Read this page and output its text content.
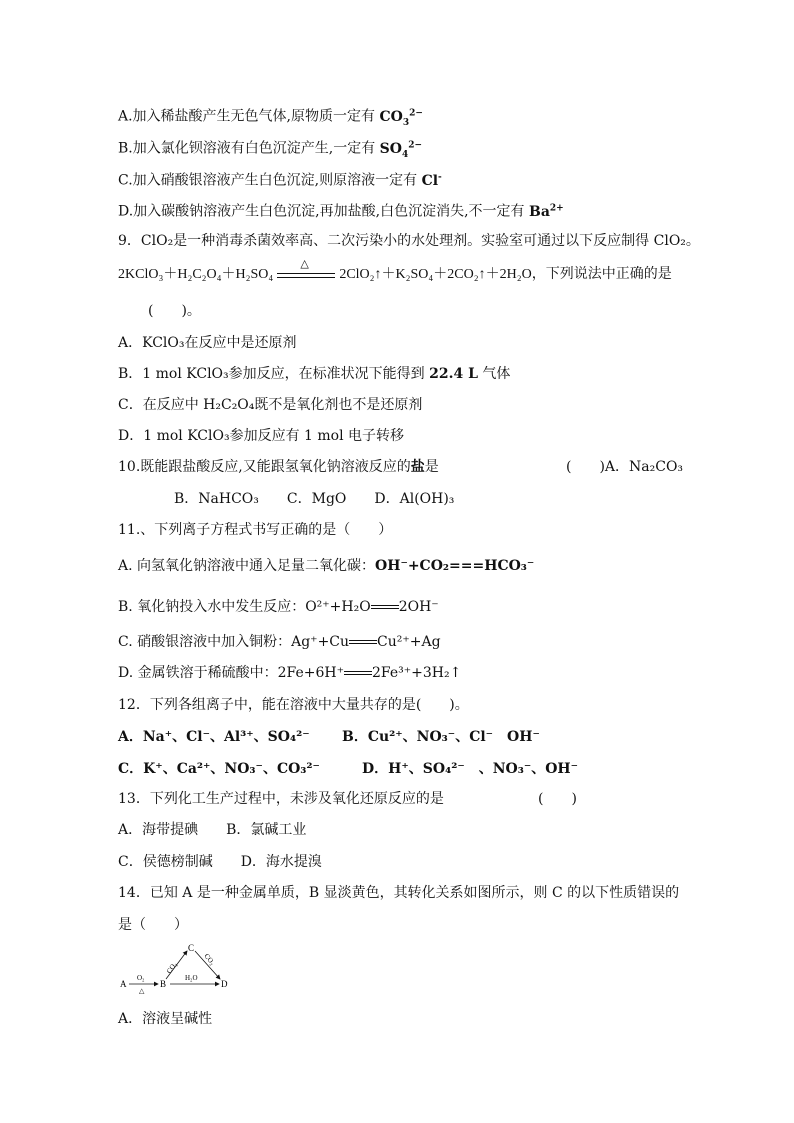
A.加入稀盐酸产生无色气体,原物质一定有 $CO_3^{2-}$
B.加入氯化钡溶液有白色沉淀产生,一定有 $SO_4^{2-}$
C.加入硝酸银溶液产生白色沉淀,则原溶液一定有 Cl-
D.加入碳酸钠溶液产生白色沉淀,再加盐酸,白色沉淀消失,不一定有 $Ba^{2+}$
9．ClO₂是一种消毒杀菌效率高、二次污染小的水处理剂。实验室可通过以下反应制得 ClO₂。
2KClO₃＋H₂C₂O₄＋H₂SO₄
△
2ClO₂↑＋K₂SO₄＋2CO₂↑＋2H₂O，下列说法中正确的是
(　　)。
A．KClO₃在反应中是还原剂
B．1 mol KClO₃参加反应，在标准状况下能得到 22.4 L 气体
C．在反应中 H₂C₂O₄既不是氧化剂也不是还原剂
D．1 mol KClO₃参加反应有 1 mol 电子转移
10.既能跟盐酸反应,又能跟氢氧化钠溶液反应的盐是	(　　)A．Na₂CO₃
B．NaHCO₃　　C．MgO　　D．Al(OH)₃
11.、下列离子方程式书写正确的是（　　）
A. 向氢氧化钠溶液中通入足量二氧化碳：OH⁻+CO₂===HCO₃⁻
B. 氧化钠投入水中发生反应：O²⁺+H₂O 2OH⁻
C. 硝酸银溶液中加入铜粉：Ag⁺+Cu Cu²⁺+Ag
D. 金属铁溶于稀硫酸中：2Fe+6H⁺ 2Fe³⁺+3H₂↑
12．下列各组离子中，能在溶液中大量共存的是(　　)。
A．Na⁺、Cl⁻、Al³⁺、SO₄²⁻ B．Cu²⁺、NO₃⁻、Cl⁻　OH⁻
C．K⁺、Ca²⁺、NO₃⁻、CO₃²⁻	D．H⁺、SO₄²⁻　、NO₃⁻、OH⁻
13．下列化工生产过程中，未涉及氧化还原反应的是	(　　)
A．海带提碘　　B．氯碱工业
C．侯德榜制碱　　D．海水提溴
14．已知 A 是一种金属单质，B 显淡黄色，其转化关系如图所示，则 C 的以下性质错误的
是（　　）
A	B
C
D
O₂
△
CO₂
H₂O
CO₂
A．溶液呈碱性
